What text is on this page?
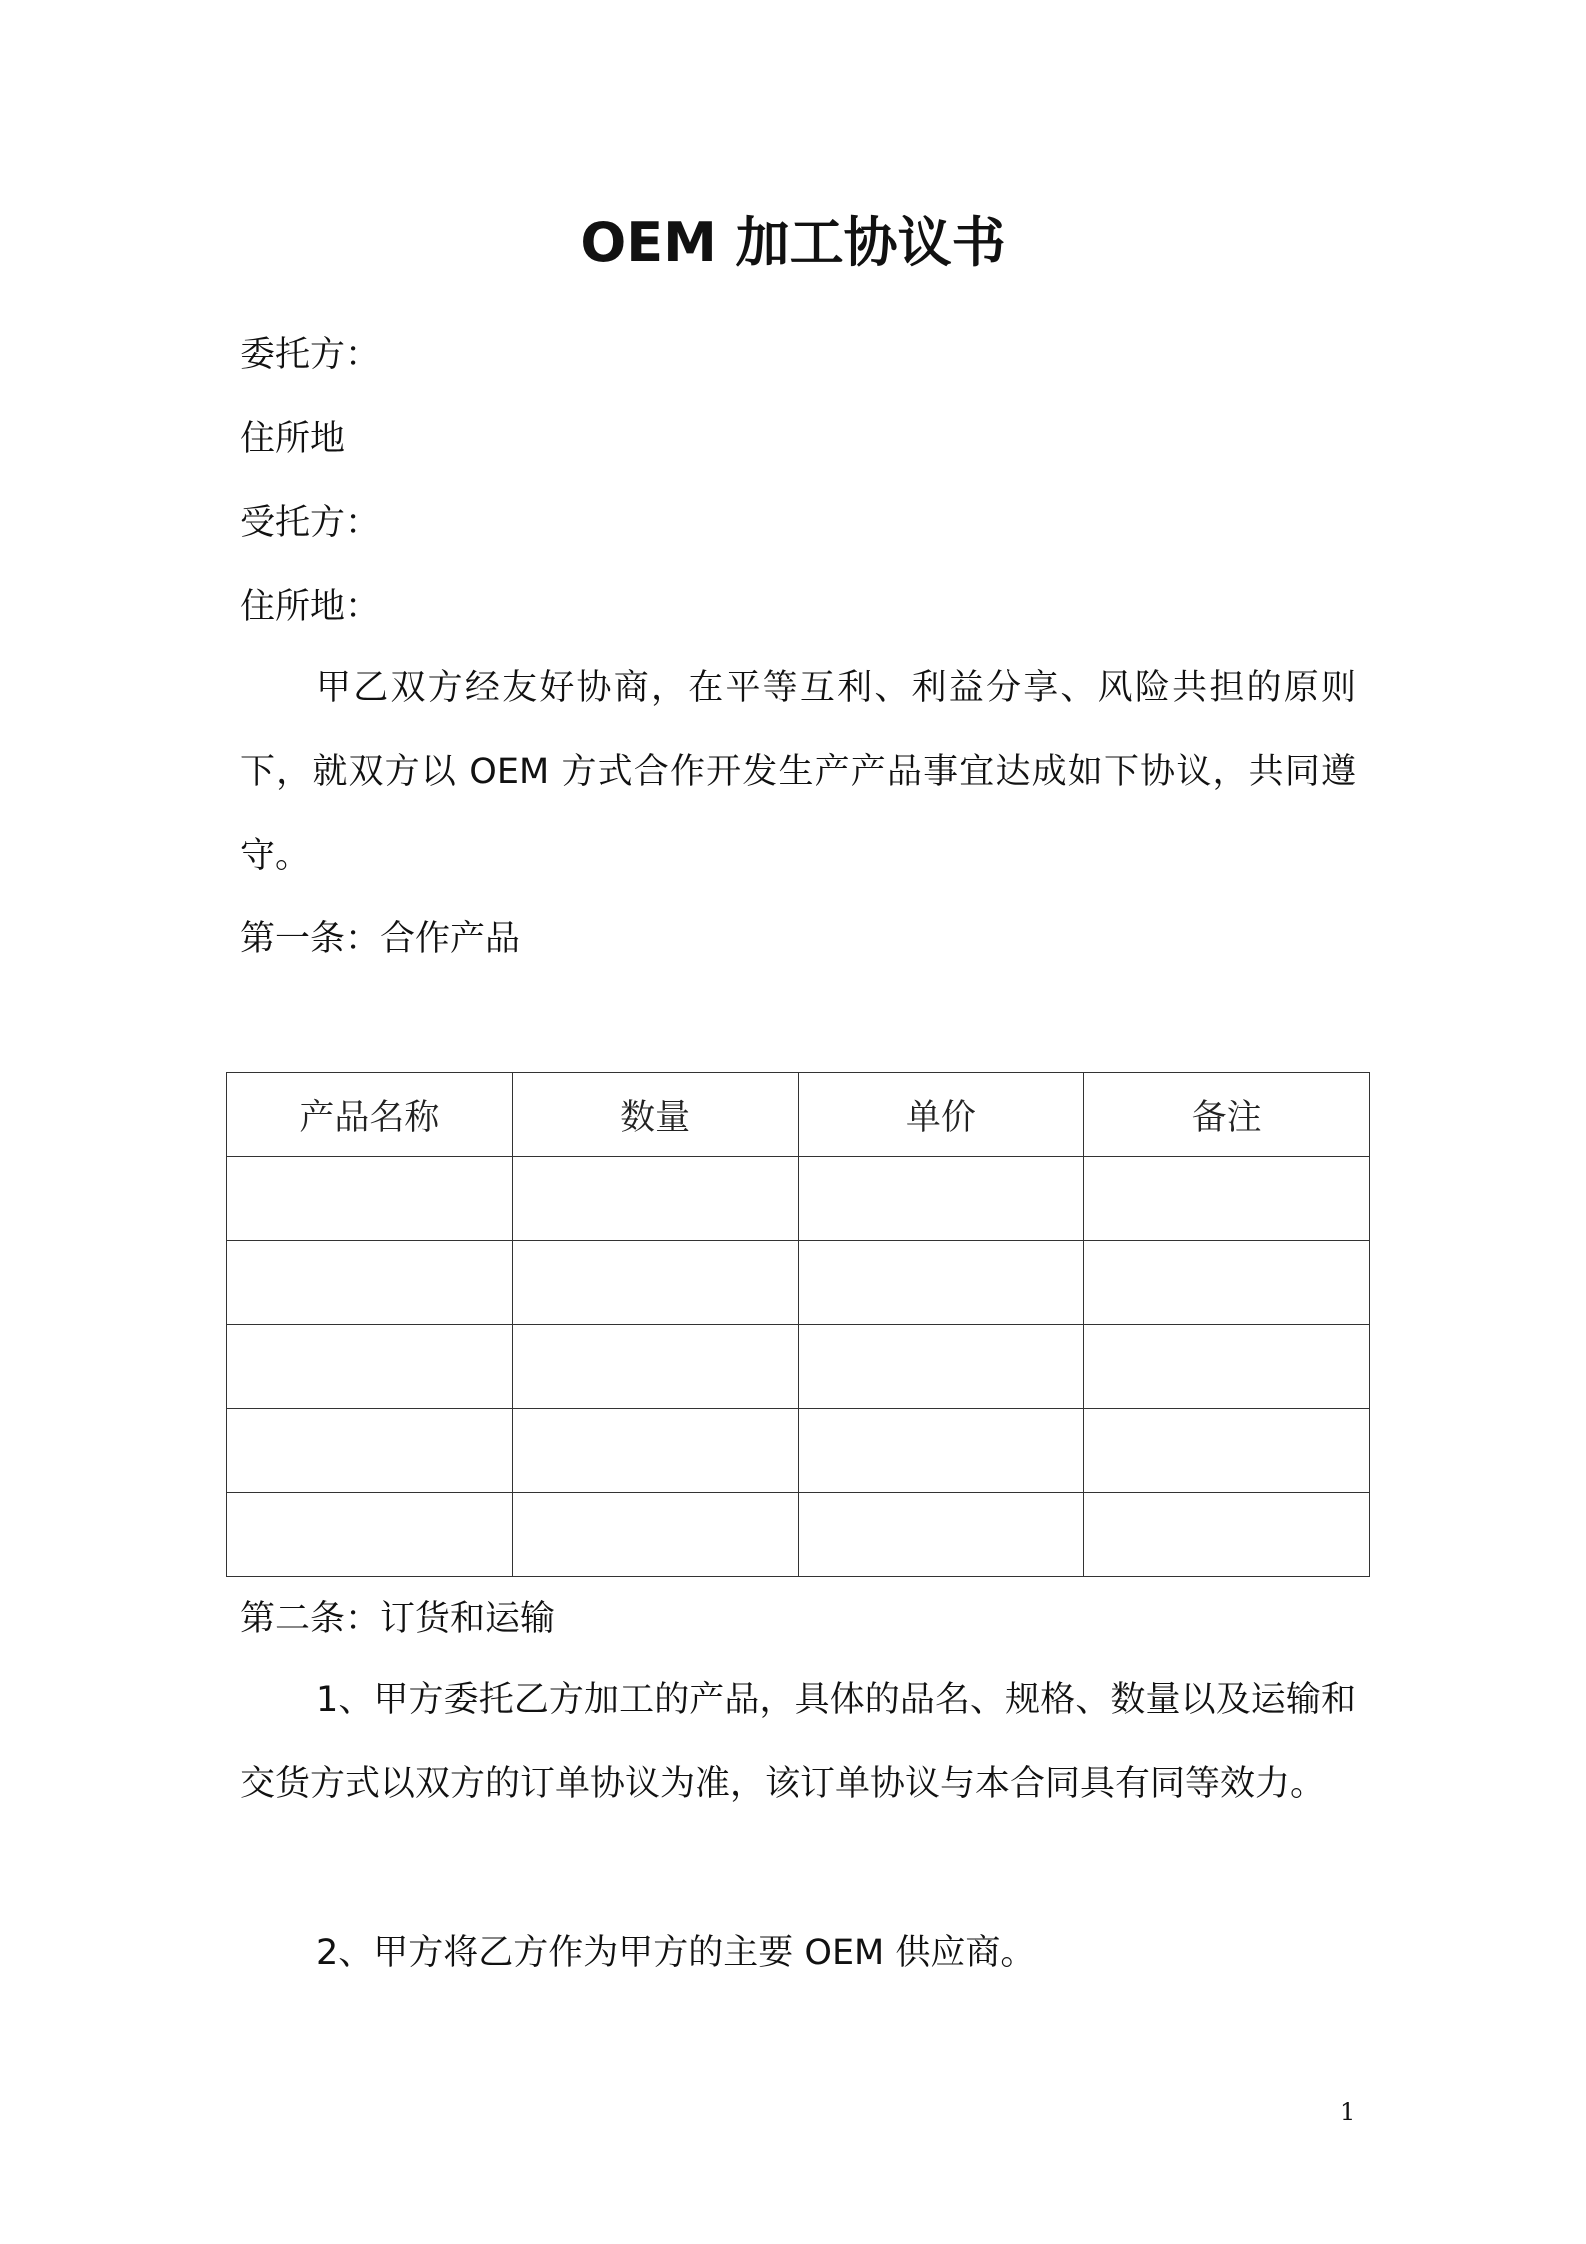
OEM 加工协议书
委托方：
住所地
受托方：
住所地：
甲乙双方经友好协商，在平等互利、利益分享、风险共担的原则下，就双方以 OEM 方式合作开发生产产品事宜达成如下协议，共同遵守。
第一条：合作产品
产品名称	数量	单价	备注

第二条：订货和运输
1、甲方委托乙方加工的产品，具体的品名、规格、数量以及运输和交货方式以双方的订单协议为准，该订单协议与本合同具有同等效力。
2、甲方将乙方作为甲方的主要 OEM 供应商。
1
